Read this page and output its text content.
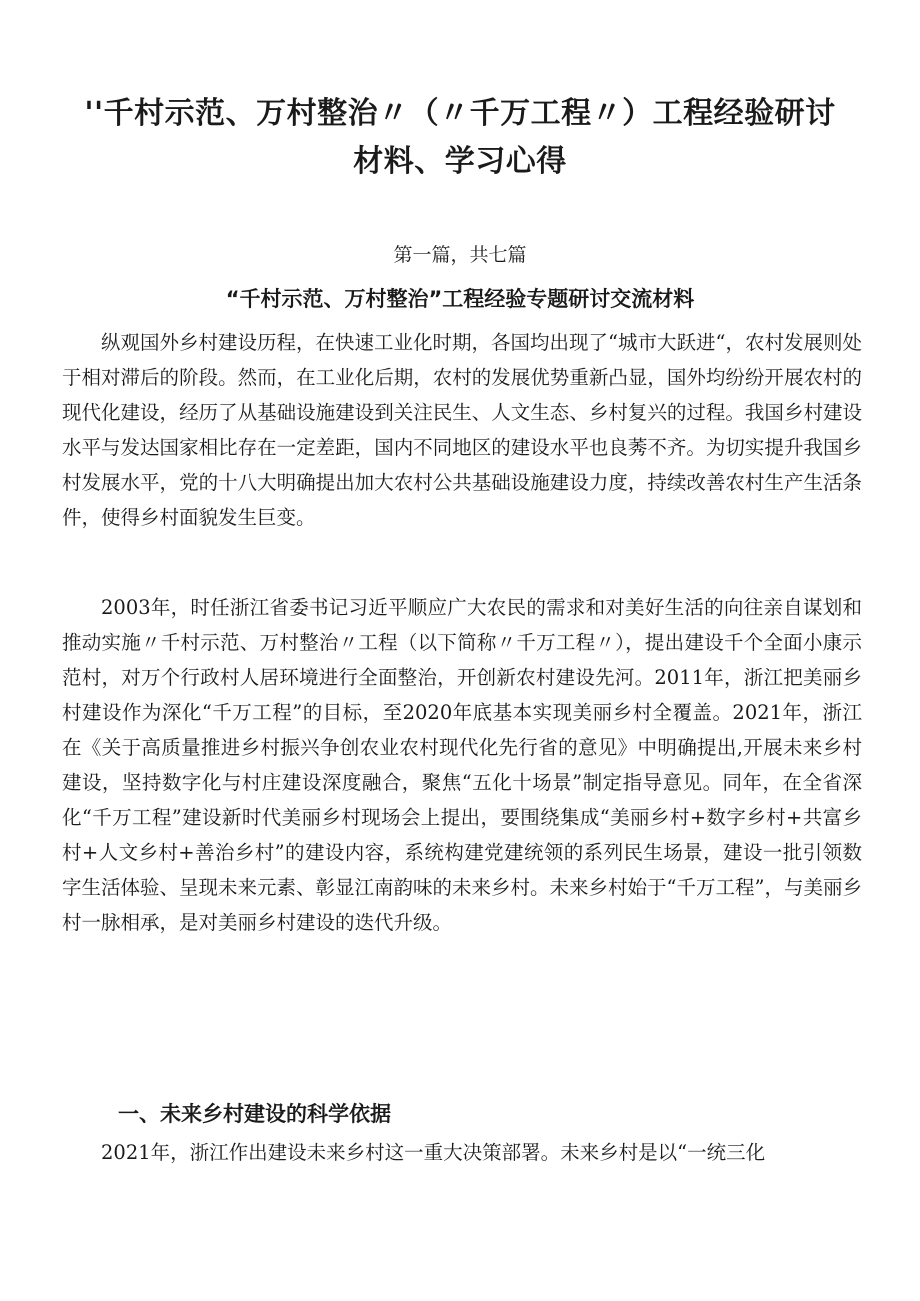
''千村示范、万村整治〃（〃千万工程〃）工程经验研讨材料、学习心得

第一篇，共七篇

“千村示范、万村整治”工程经验专题研讨交流材料

纵观国外乡村建设历程，在快速工业化时期，各国均出现了“城市大跃进“，农村发展则处于相对滞后的阶段。然而，在工业化后期，农村的发展优势重新凸显，国外均纷纷开展农村的现代化建设，经历了从基础设施建设到关注民生、人文生态、乡村复兴的过程。我国乡村建设水平与发达国家相比存在一定差距，国内不同地区的建设水平也良莠不齐。为切实提升我国乡村发展水平，党的十八大明确提出加大农村公共基础设施建设力度，持续改善农村生产生活条件，使得乡村面貌发生巨变。

2003年，时任浙江省委书记习近平顺应广大农民的需求和对美好生活的向往亲自谋划和推动实施〃千村示范、万村整治〃工程（以下简称〃千万工程〃），提出建设千个全面小康示范村，对万个行政村人居环境进行全面整治，开创新农村建设先河。2011年，浙江把美丽乡村建设作为深化“千万工程”的目标，至2020年底基本实现美丽乡村全覆盖。2021年，浙江在《关于高质量推进乡村振兴争创农业农村现代化先行省的意见》中明确提出,开展未来乡村建设，坚持数字化与村庄建设深度融合，聚焦“五化十场景”制定指导意见。同年，在全省深化“千万工程”建设新时代美丽乡村现场会上提出，要围绕集成“美丽乡村+数字乡村+共富乡村+人文乡村+善治乡村”的建设内容，系统构建党建统领的系列民生场景，建设一批引领数字生活体验、呈现未来元素、彰显江南韵味的未来乡村。未来乡村始于“千万工程”，与美丽乡村一脉相承，是对美丽乡村建设的迭代升级。

一、未来乡村建设的科学依据

2021年，浙江作出建设未来乡村这一重大决策部署。未来乡村是以“一统三化
